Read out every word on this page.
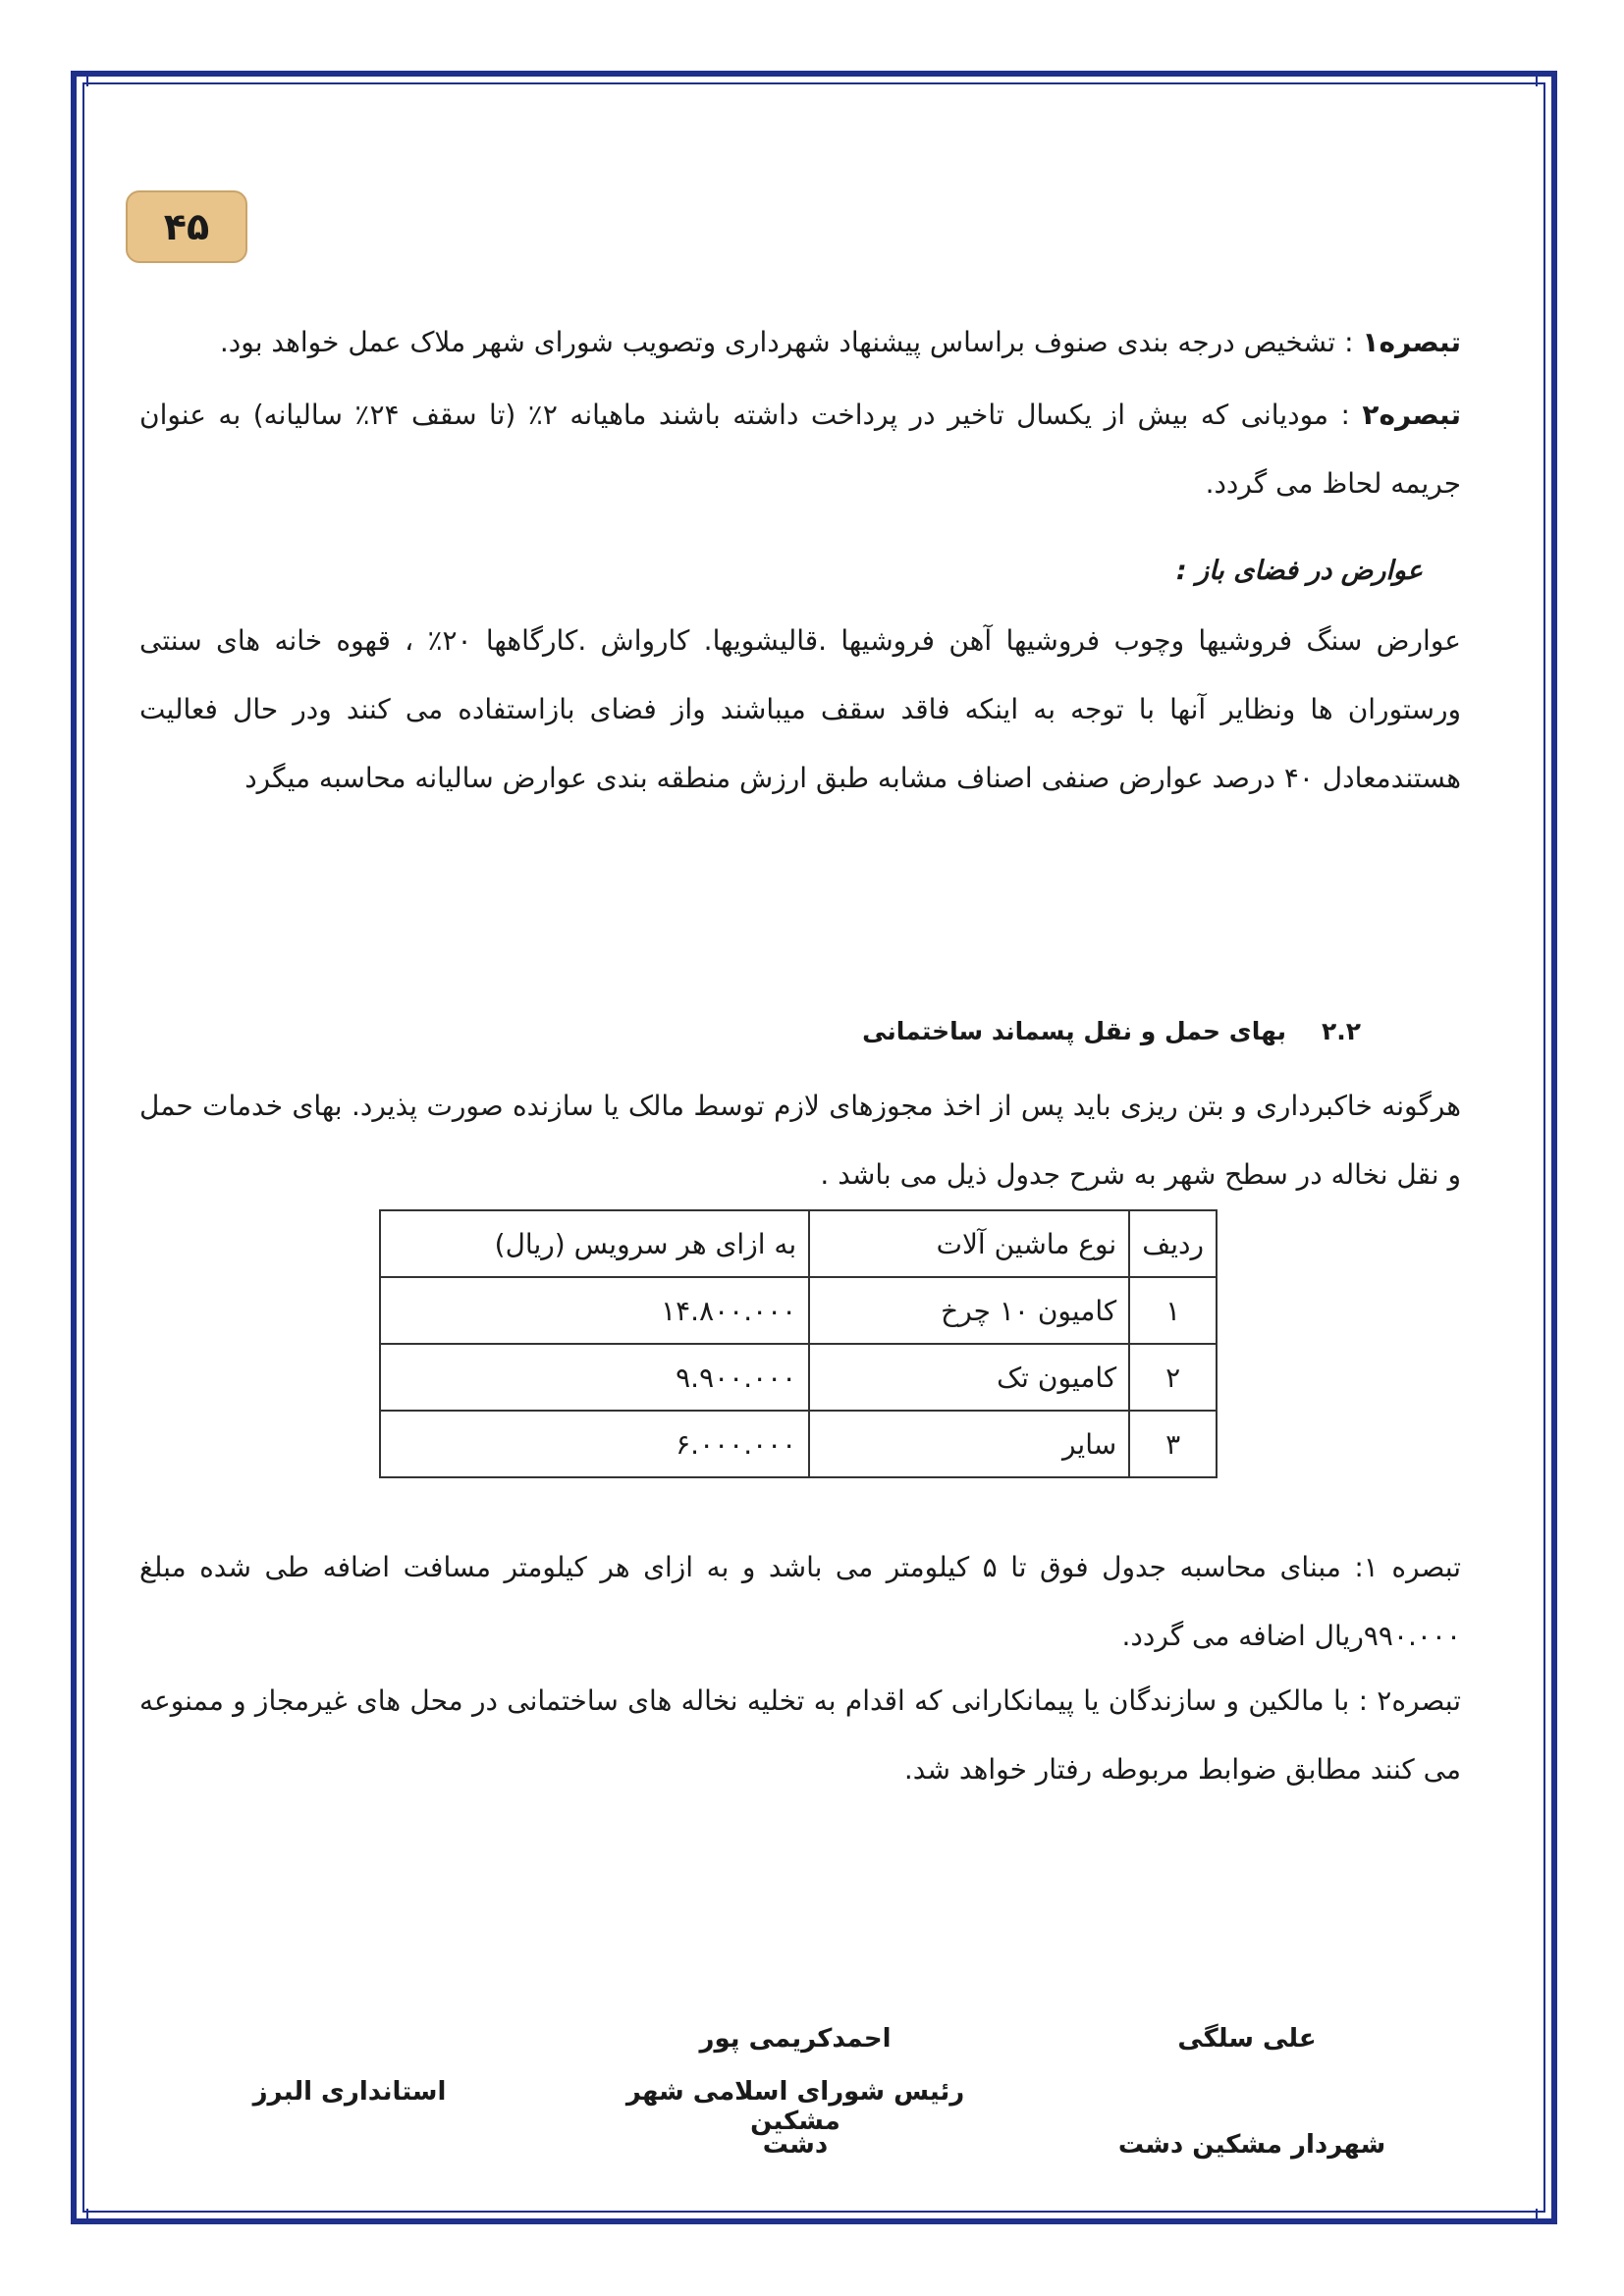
۴۵

تبصره۱ : تشخیص درجه بندی صنوف براساس پیشنهاد شهرداری وتصویب شورای شهر ملاک عمل خواهد بود.

تبصره۲ : مودیانی که بیش از یکسال تاخیر در پرداخت داشته باشند ماهیانه ۲٪ (تا سقف ۲۴٪ سالیانه) به عنوان جریمه لحاظ می گردد.

عوارض در فضای باز :

عوارض سنگ فروشیها وچوب فروشیها آهن فروشیها .قالیشویها. کارواش .کارگاهها ۲۰٪ ، قهوه خانه های سنتی ورستوران ها ونظایر آنها با توجه به اینکه فاقد سقف میباشند واز فضای بازاستفاده می کنند ودر حال فعالیت هستندمعادل ۴۰ درصد عوارض صنفی اصناف مشابه طبق ارزش منطقه بندی عوارض سالیانه محاسبه میگرد

۲.۲
بهای حمل و نقل پسماند ساختمانی

هرگونه خاکبرداری و بتن ریزی باید پس از اخذ مجوزهای لازم توسط مالک یا سازنده صورت پذیرد. بهای خدمات حمل و نقل نخاله در سطح شهر به شرح جدول ذیل می باشد .

ردیف	نوع ماشین آلات	به ازای هر سرویس (ریال)
۱	کامیون ۱۰ چرخ	۱۴.۸۰۰.۰۰۰
۲	کامیون تک	۹.۹۰۰.۰۰۰
۳	سایر	۶.۰۰۰.۰۰۰

تبصره ۱: مبنای محاسبه جدول فوق تا ۵ کیلومتر می باشد و به ازای هر کیلومتر مسافت اضافه طی شده مبلغ ۹۹۰.۰۰۰ریال اضافه می گردد.

تبصره۲ : با مالکین و سازندگان یا پیمانکارانی که اقدام به تخلیه نخاله های ساختمانی در محل های غیرمجاز و ممنوعه می کنند مطابق ضوابط مربوطه رفتار خواهد شد.

علی سلگی
شهردار مشکین دشت
احمدکریمی پور
رئیس شورای اسلامی شهر مشکین
دشت
استانداری البرز
